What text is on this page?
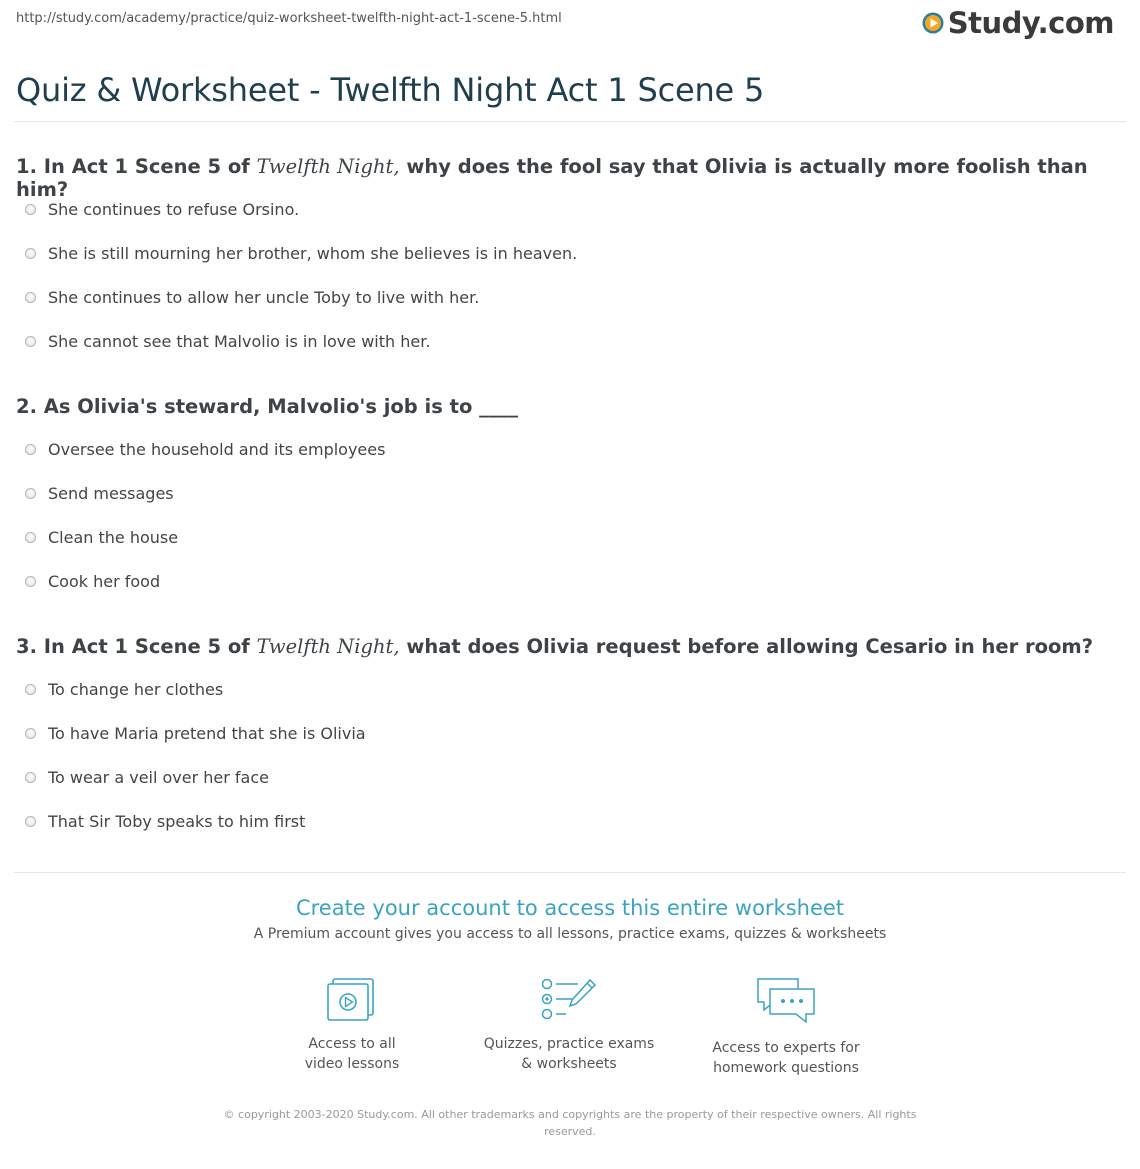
http://study.com/academy/practice/quiz-worksheet-twelfth-night-act-1-scene-5.html	Study.com
Quiz & Worksheet - Twelfth Night Act 1 Scene 5
1. In Act 1 Scene 5 of Twelfth Night, why does the fool say that Olivia is actually more foolish than him?
She continues to refuse Orsino.
She is still mourning her brother, whom she believes is in heaven.
She continues to allow her uncle Toby to live with her.
She cannot see that Malvolio is in love with her.
2. As Olivia's steward, Malvolio's job is to ____
Oversee the household and its employees
Send messages
Clean the house
Cook her food
3. In Act 1 Scene 5 of Twelfth Night, what does Olivia request before allowing Cesario in her room?
To change her clothes
To have Maria pretend that she is Olivia
To wear a veil over her face
That Sir Toby speaks to him first
Create your account to access this entire worksheet
A Premium account gives you access to all lessons, practice exams, quizzes & worksheets
Access to all
video lessons
Quizzes, practice exams
& worksheets
Access to experts for
homework questions
© copyright 2003-2020 Study.com. All other trademarks and copyrights are the property of their respective owners. All rights reserved.
